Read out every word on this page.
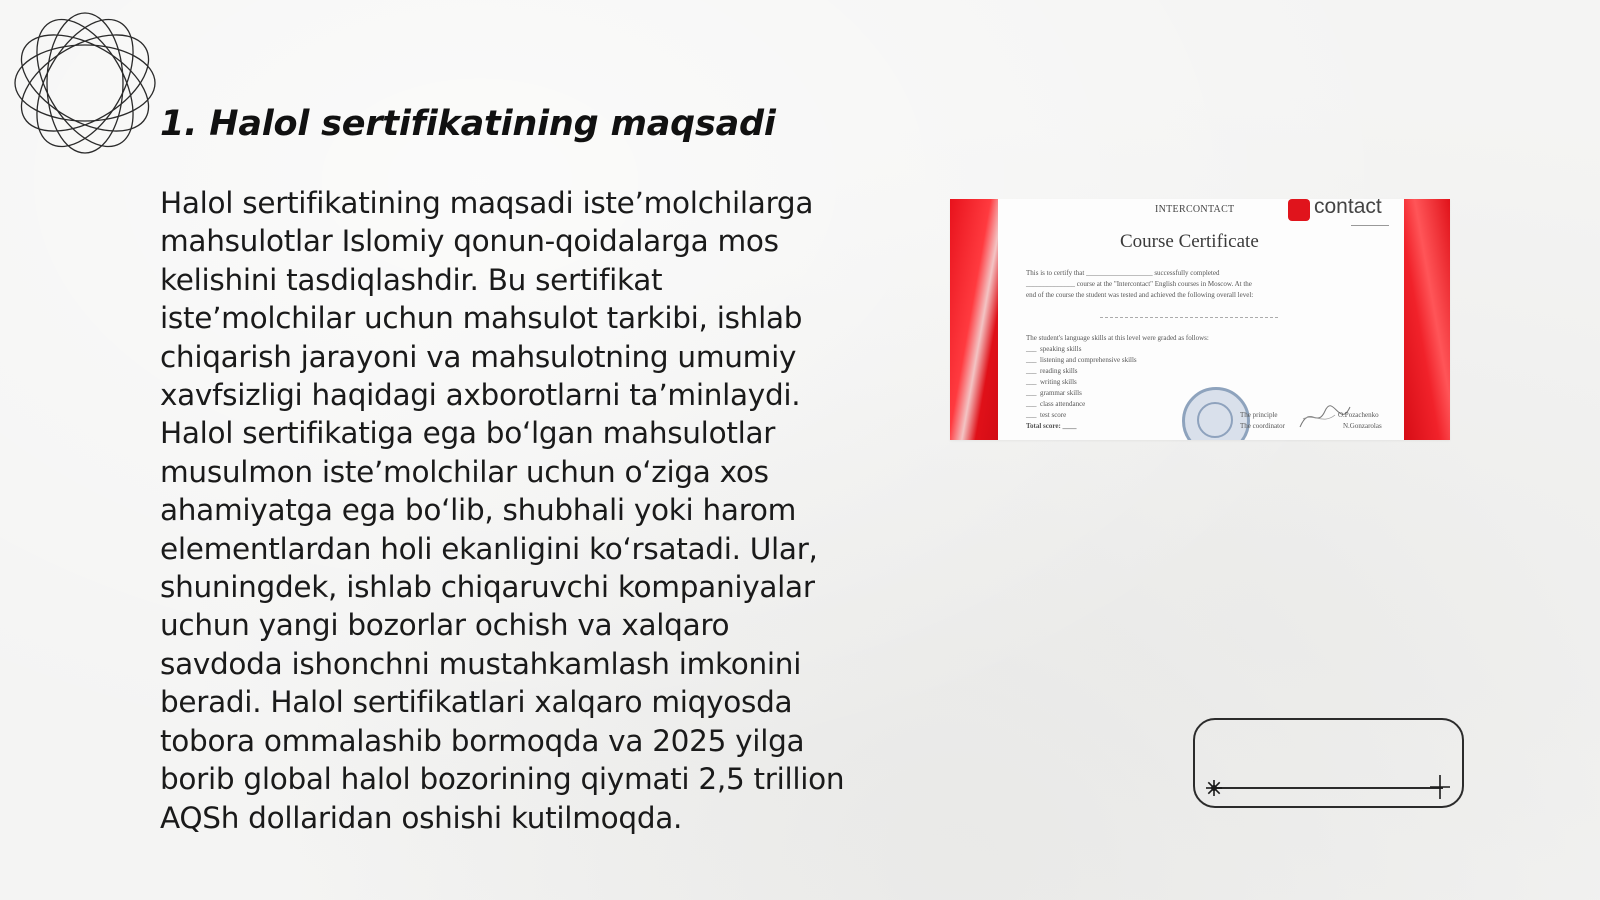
1. Halol sertifikatining maqsadi

Halol sertifikatining maqsadi iste’molchilarga mahsulotlar Islomiy qonun-qoidalarga mos kelishini tasdiqlashdir. Bu sertifikat iste’molchilar uchun mahsulot tarkibi, ishlab chiqarish jarayoni va mahsulotning umumiy xavfsizligi haqidagi axborotlarni ta’minlaydi. Halol sertifikatiga ega bo‘lgan mahsulotlar musulmon iste’molchilar uchun o‘ziga xos ahamiyatga ega bo‘lib, shubhali yoki harom elementlardan holi ekanligini ko‘rsatadi. Ular, shuningdek, ishlab chiqaruvchi kompaniyalar uchun yangi bozorlar ochish va xalqaro savdoda ishonchni mustahkamlash imkonini beradi. Halol sertifikatlari xalqaro miqyosda tobora ommalashib bormoqda va 2025 yilga borib global halol bozorining qiymati 2,5 trillion AQSh dollaridan oshishi kutilmoqda.

INTERCONTACT	contact
Course Certificate
This is to certify that ___________________ successfully completed
______________ course at the "Intercontact" English courses in Moscow. At the
end of the course the student was tested and achieved the following overall level:
The student's language skills at this level were graded as follows:
___  speaking skills
___  listening and comprehensive skills
___  reading skills
___  writing skills
___  grammar skills
___  class attendance
___  test score
Total score: ____
The principle
The coordinator
O.Pozachenko
N.Gonzarolas
